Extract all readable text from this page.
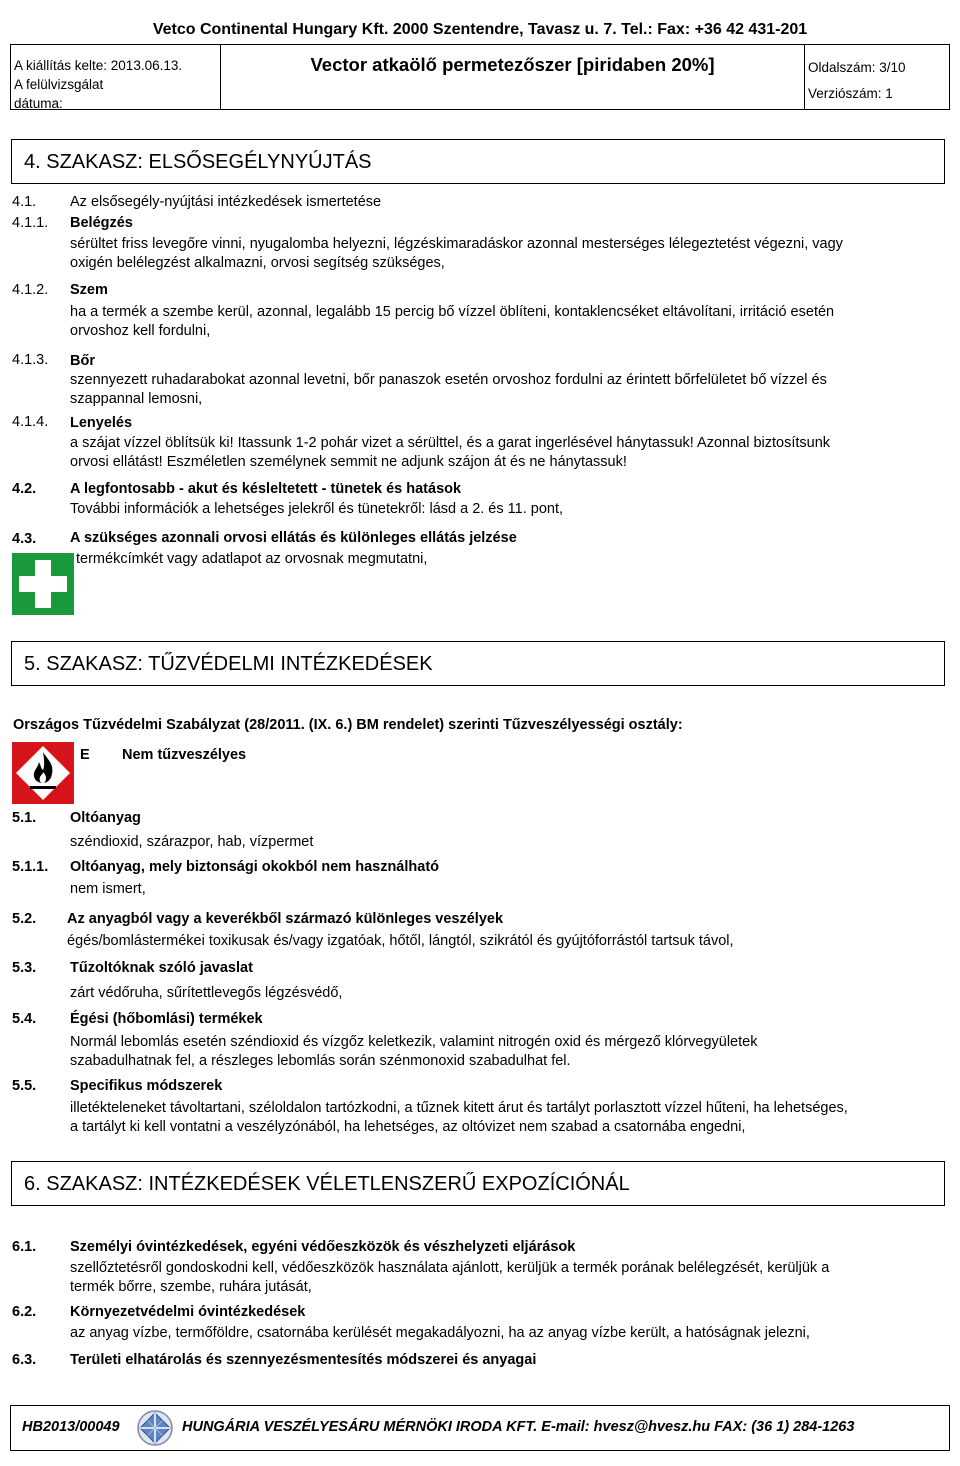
Vetco Continental Hungary Kft. 2000 Szentendre, Tavasz u. 7. Tel.: Fax: +36 42 431-201
A kiállítás kelte: 2013.06.13.
A felülvizsgálat
dátuma:
Vector atkaölő permetezőszer [piridaben 20%]	Oldalszám: 3/10
Verziószám: 1
4. SZAKASZ: ELSŐSEGÉLYNYÚJTÁS
4.1.	Az elsősegély-nyújtási intézkedések ismertetése
4.1.1.	Belégzés
sérültet friss levegőre vinni, nyugalomba helyezni, légzéskimaradáskor azonnal mesterséges lélegeztetést végezni, vagy
oxigén belélegzést alkalmazni, orvosi segítség szükséges,
4.1.2.	Szem
ha a termék a szembe kerül, azonnal, legalább 15 percig bő vízzel öblíteni, kontaklencséket eltávolítani, irritáció esetén
orvoshoz kell fordulni,
4.1.3.	Bőr
szennyezett ruhadarabokat azonnal levetni, bőr panaszok esetén orvoshoz fordulni az érintett bőrfelületet bő vízzel és
szappannal lemosni,
4.1.4.	Lenyelés
a szájat vízzel öblítsük ki! Itassunk 1-2 pohár vizet a sérülttel, és a garat ingerlésével hánytassuk! Azonnal biztosítsunk
orvosi ellátást! Eszméletlen személynek semmit ne adjunk szájon át és ne hánytassuk!
4.2.	A legfontosabb - akut és késleltetett - tünetek és hatások
További információk a lehetséges jelekről és tünetekről: lásd a 2. és 11. pont,
4.3.	A szükséges azonnali orvosi ellátás és különleges ellátás jelzése
termékcímkét vagy adatlapot az orvosnak megmutatni,
5. SZAKASZ: TŰZVÉDELMI INTÉZKEDÉSEK
Országos Tűzvédelmi Szabályzat (28/2011. (IX. 6.) BM rendelet) szerinti Tűzveszélyességi osztály:
E Nem tűzveszélyes
5.1.	Oltóanyag
széndioxid, szárazpor, hab, vízpermet
5.1.1.	Oltóanyag, mely biztonsági okokból nem használható
nem ismert,
5.2.	Az anyagból vagy a keverékből származó különleges veszélyek
égés/bomlástermékei toxikusak és/vagy izgatóak, hőtől, lángtól, szikrától és gyújtóforrástól tartsuk távol,
5.3.	Tűzoltóknak szóló javaslat
zárt védőruha, sűrítettlevegős légzésvédő,
5.4.	Égési (hőbomlási) termékek
Normál lebomlás esetén széndioxid és vízgőz keletkezik, valamint nitrogén oxid és mérgező klórvegyületek
szabadulhatnak fel, a részleges lebomlás során szénmonoxid szabadulhat fel.
5.5.	Specifikus módszerek
illetékteleneket távoltartani, széloldalon tartózkodni, a tűznek kitett árut és tartályt porlasztott vízzel hűteni, ha lehetséges,
a tartályt ki kell vontatni a veszélyzónából, ha lehetséges, az oltóvizet nem szabad a csatornába engedni,
6. SZAKASZ: INTÉZKEDÉSEK VÉLETLENSZERŰ EXPOZÍCIÓNÁL
6.1.	Személyi óvintézkedések, egyéni védőeszközök és vészhelyzeti eljárások
szellőztetésről gondoskodni kell, védőeszközök használata ajánlott, kerüljük a termék porának belélegzését, kerüljük a
termék bőrre, szembe, ruhára jutását,
6.2.	Környezetvédelmi óvintézkedések
az anyag vízbe, termőföldre, csatornába kerülését megakadályozni, ha az anyag vízbe került, a hatóságnak jelezni,
6.3.	Területi elhatárolás és szennyezésmentesítés módszerei és anyagai
HB2013/00049	HUNGÁRIA VESZÉLYESÁRU MÉRNÖKI IRODA KFT. E-mail: hvesz@hvesz.hu FAX: (36 1) 284-1263
